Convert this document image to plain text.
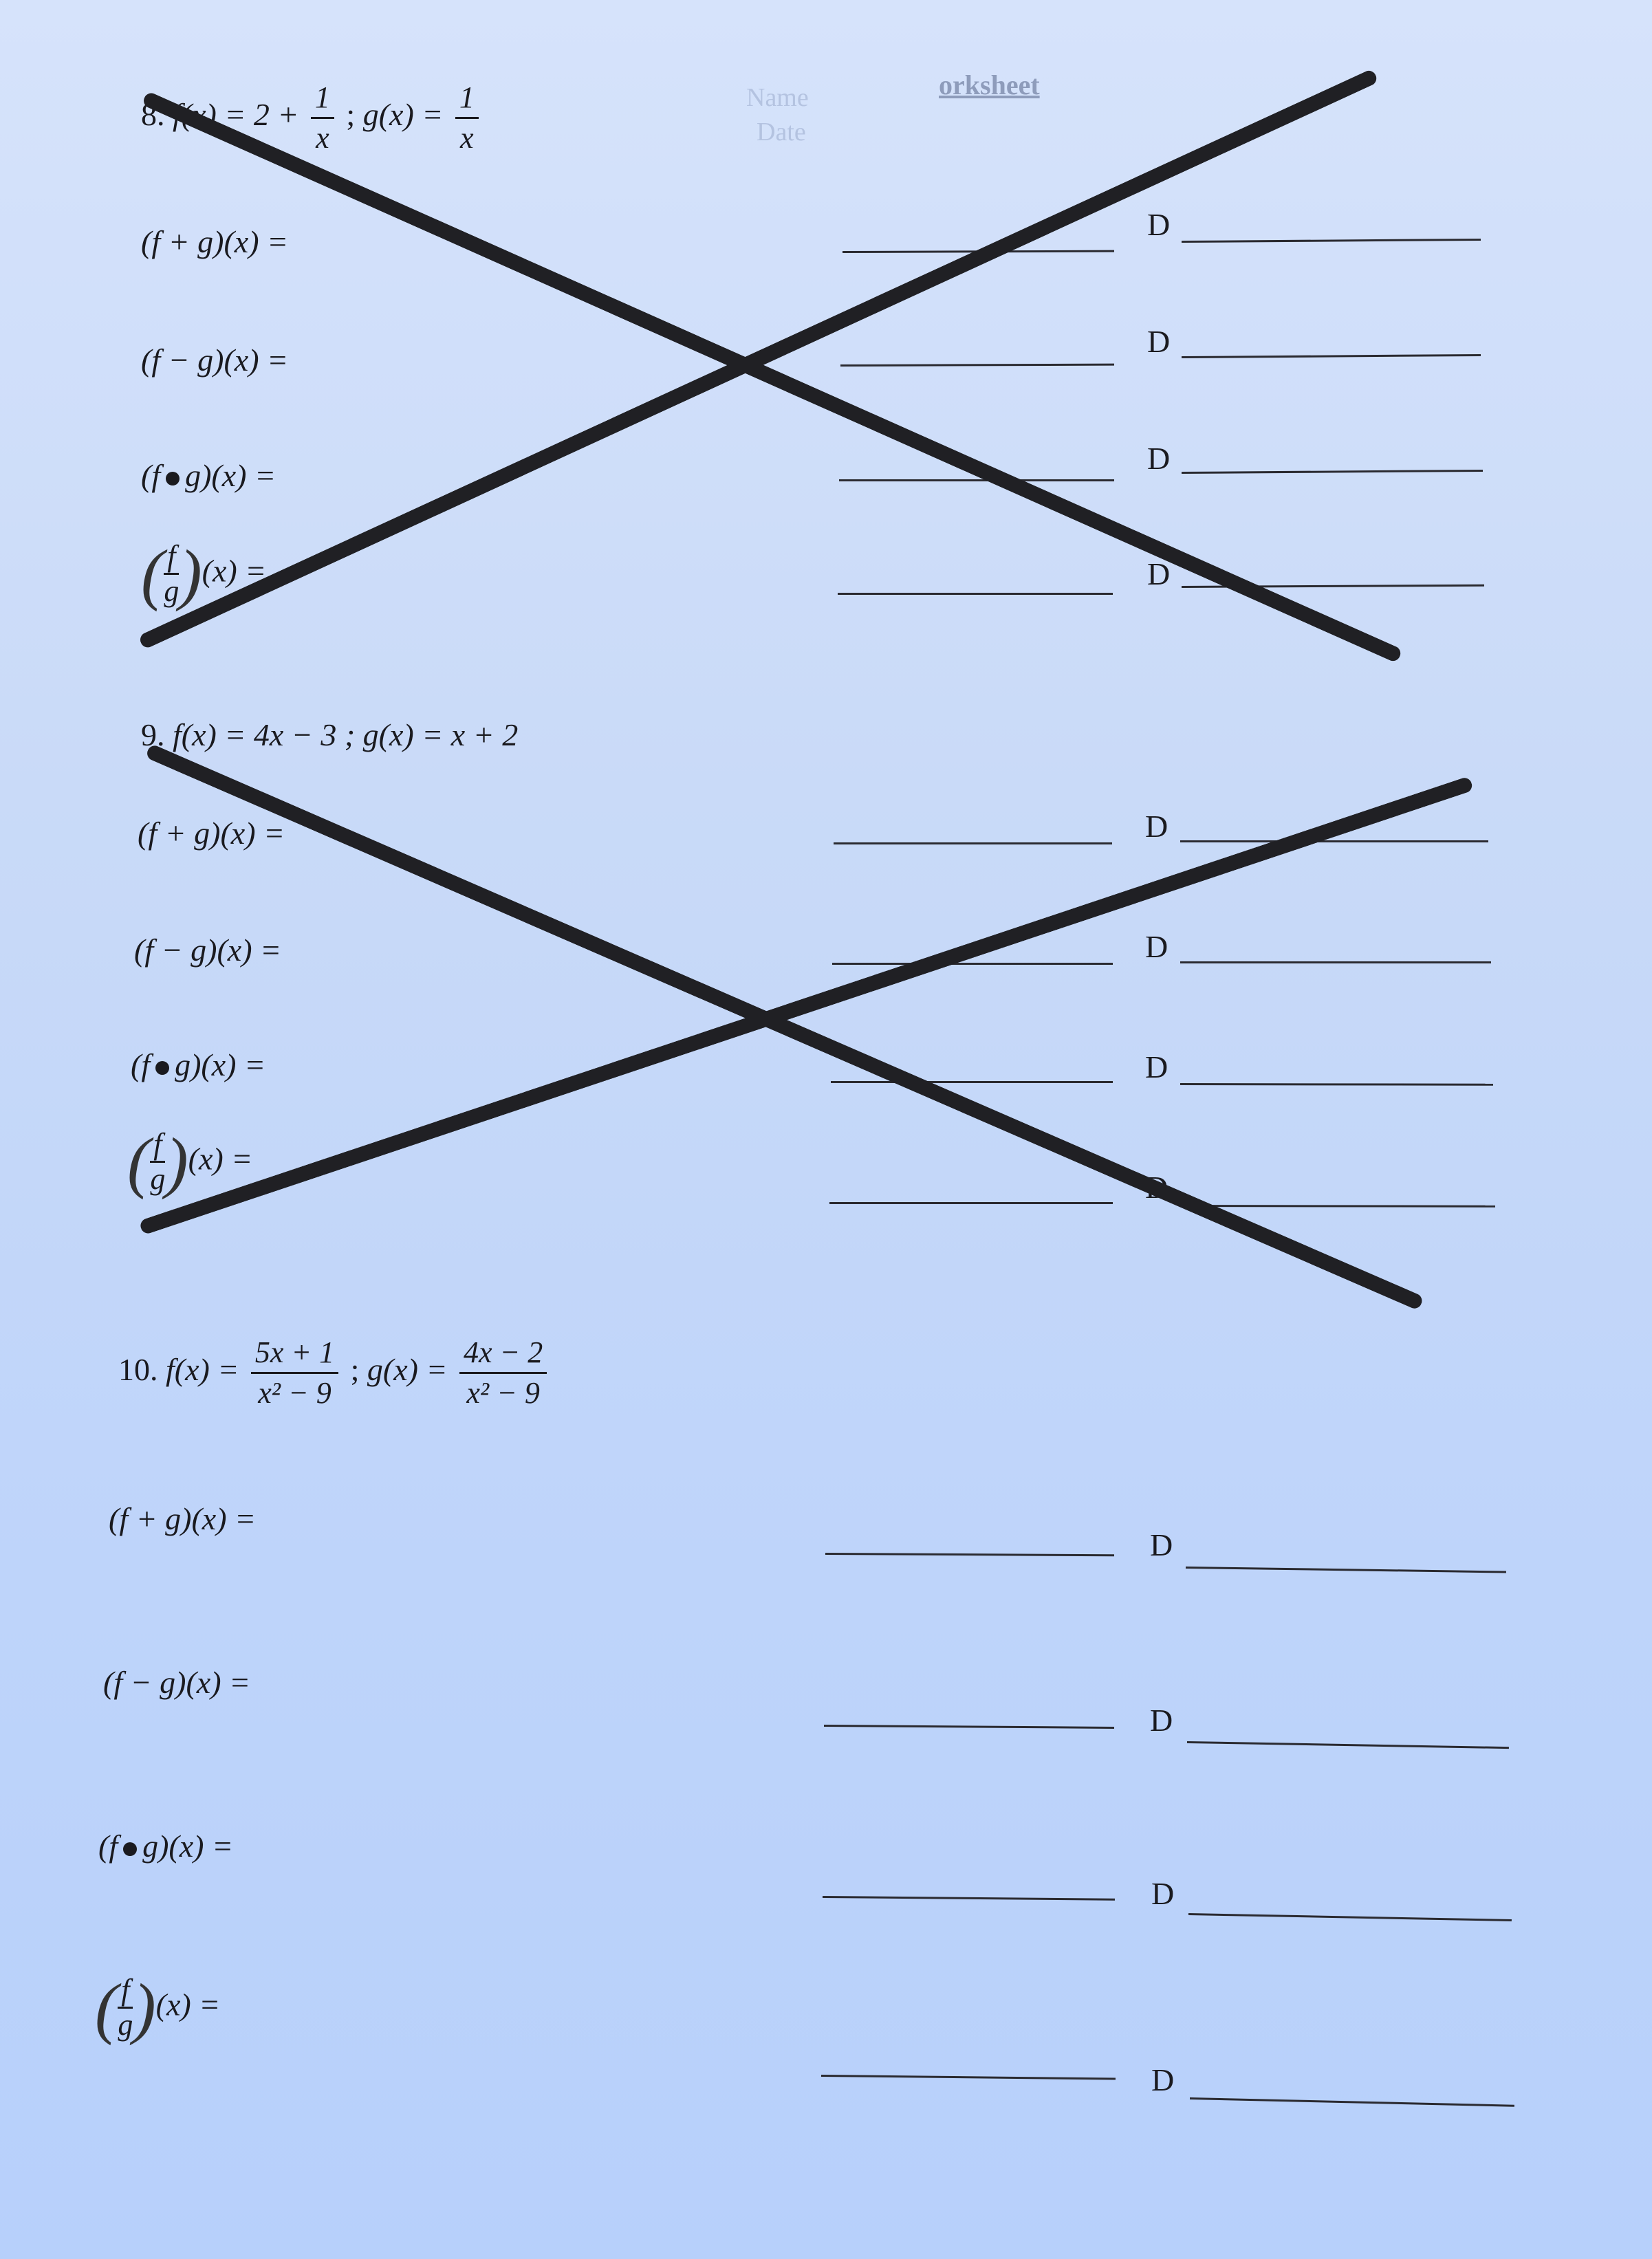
orksheet
Name
Date
8. $f(x) = 2 + \frac{1}{x}$ ; $g(x) = \frac{1}{x}$
(f + g)(x) =
(f − g)(x) =
(f g)(x) =
( $\frac{f}{g} )(x)$ =
D
D
D
D
9. f(x) = 4x − 3 ; g(x) = x + 2
(f + g)(x) =
(f − g)(x) =
(f g)(x) =
( $\frac{f}{g} )(x)$ =
D
D
D
D
10. $f(x) = \frac{5x + 1}{\text{x² − 9}}$ ; $g(x) = \frac{4x - 2}{\text{x² − 9}}$
(f + g)(x) =
(f − g)(x) =
(f g)(x) =
( $\frac{f}{g} )(x)$ =
D
D
D
D
